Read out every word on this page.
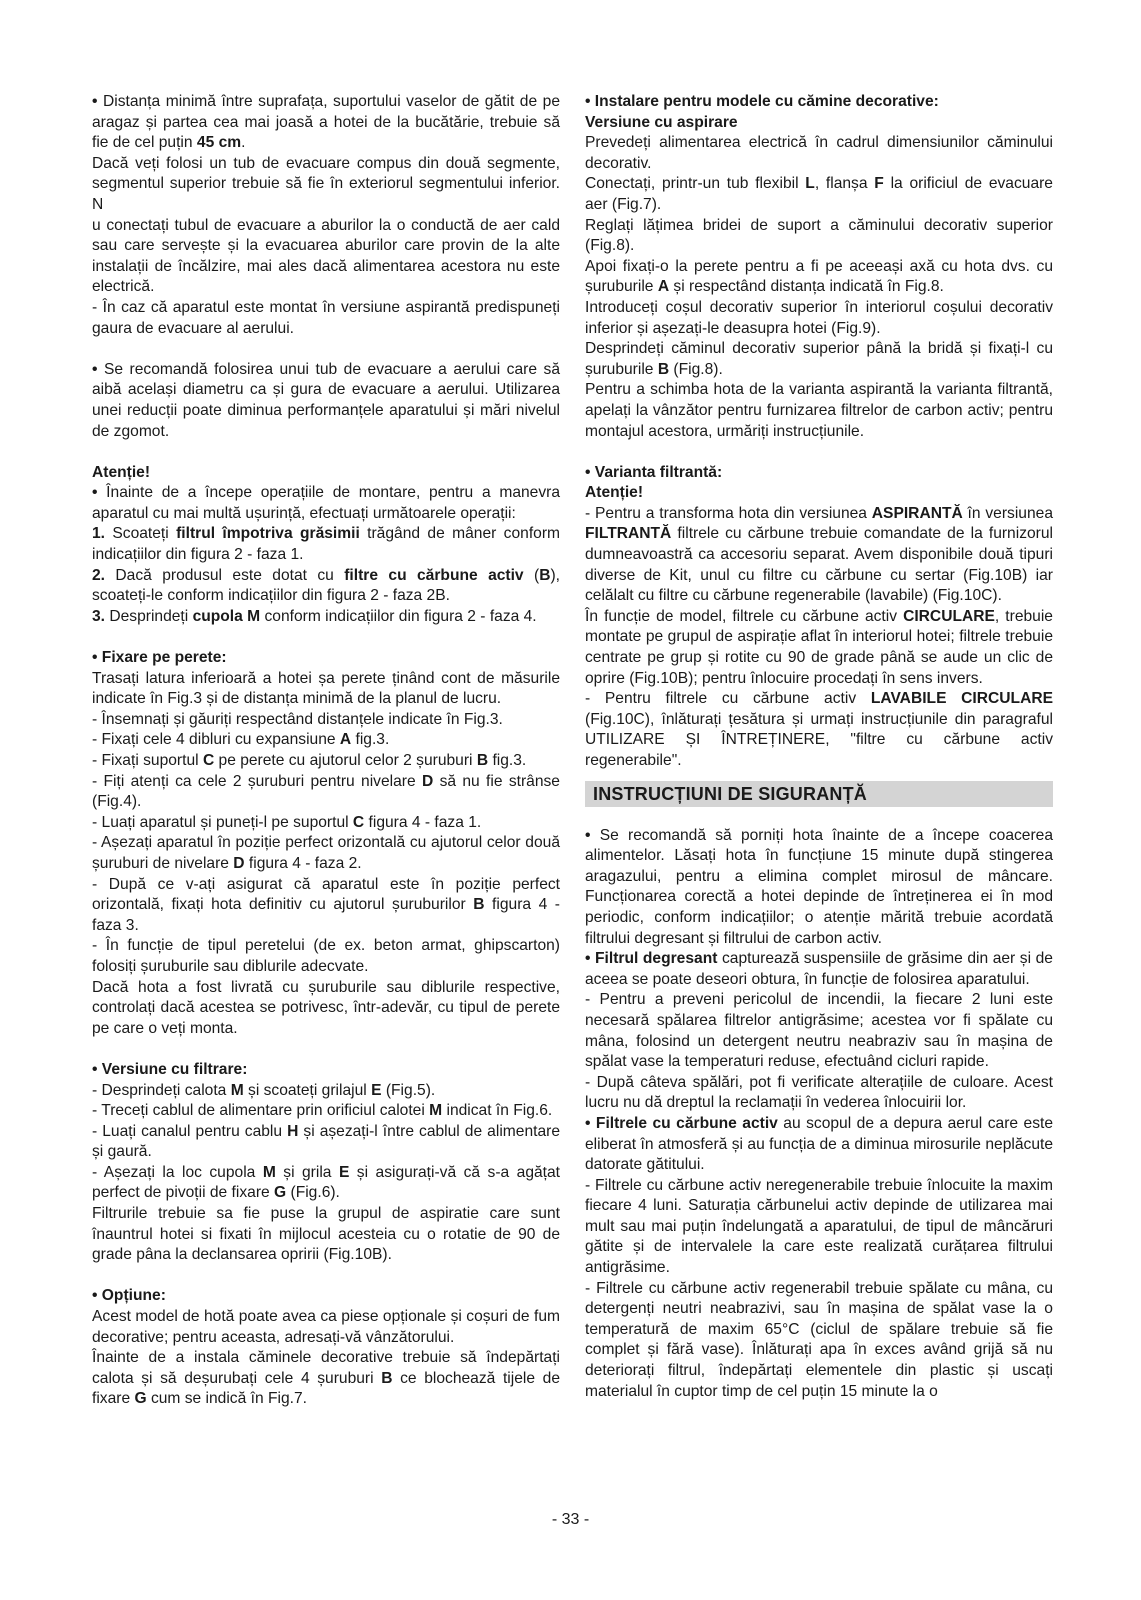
• Distanța minimă între suprafața, suportului vaselor de gătit de pe aragaz și partea cea mai joasă a hotei de la bucătărie, trebuie să fie de cel puțin 45 cm.

Dacă veți folosi un tub de evacuare compus din două segmente, segmentul superior trebuie să fie în exteriorul segmentului inferior. N

u conectați tubul de evacuare a aburilor la o conductă de aer cald sau care servește și la evacuarea aburilor care provin de la alte instalații de încălzire, mai ales dacă alimentarea acestora nu este electrică.

- În caz că aparatul este montat în versiune aspirantă predispuneți gaura de evacuare al aerului.

• Se recomandă folosirea unui tub de evacuare a aerului care să aibă același diametru ca și gura de evacuare a aerului. Utilizarea unei reducții poate diminua performanțele aparatului și mări nivelul de zgomot.

Atenție!

• Înainte de a începe operațiile de montare, pentru a manevra aparatul cu mai multă ușurință, efectuați următoarele operații:

1. Scoateți filtrul împotriva grăsimii trăgând de mâner conform indicațiilor din figura 2 - faza 1.

2. Dacă produsul este dotat cu filtre cu cărbune activ (B), scoateți-le conform indicațiilor din figura 2 - faza 2B.

3. Desprindeți cupola M conform indicațiilor din figura 2 - faza 4.

• Fixare pe perete:

Trasați latura inferioară a hotei șa perete ținând cont de măsurile indicate în Fig.3 și de distanța minimă de la planul de lucru.

- Însemnați și găuriți respectând distanțele indicate în Fig.3.

- Fixați cele 4 dibluri cu expansiune A fig.3.

- Fixați suportul C pe perete cu ajutorul celor 2 șuruburi B fig.3.

- Fiți atenți ca cele 2 șuruburi pentru nivelare D să nu fie strânse (Fig.4).

- Luați aparatul și puneți-l pe suportul C figura 4 - faza 1.

- Așezați aparatul în poziție perfect orizontală cu ajutorul celor două șuruburi de nivelare D figura 4 - faza 2.

- După ce v-ați asigurat că aparatul este în poziție perfect orizontală, fixați hota definitiv cu ajutorul șuruburilor B figura 4 - faza 3.

- În funcție de tipul peretelui (de ex. beton armat, ghipscarton) folosiți șuruburile sau diblurile adecvate.

Dacă hota a fost livrată cu șuruburile sau diblurile respective, controlați dacă acestea se potrivesc, într-adevăr, cu tipul de perete pe care o veți monta.

• Versiune cu filtrare:

- Desprindeți calota M și scoateți grilajul E (Fig.5).

- Treceți cablul de alimentare prin orificiul calotei M indicat în Fig.6.

- Luați canalul pentru cablu H și așezați-l între cablul de alimentare și gaură.

- Așezați la loc cupola M și grila E și asigurați-vă că s-a agățat perfect de pivoții de fixare G (Fig.6).

Filtrurile trebuie sa fie puse la grupul de aspiratie care sunt înauntrul hotei si fixati în mijlocul acesteia cu o rotatie de 90 de grade pâna la declansarea opririi (Fig.10B).

• Opțiune:

Acest model de hotă poate avea ca piese opționale și coșuri de fum decorative; pentru aceasta, adresați-vă vânzătorului.

Înainte de a instala căminele decorative trebuie să îndepărtați calota și să deșurubați cele 4 șuruburi B ce blochează tijele de fixare G cum se indică în Fig.7.

• Instalare pentru modele cu cămine decorative:

Versiune cu aspirare

Prevedeți alimentarea electrică în cadrul dimensiunilor căminului decorativ.

Conectați, printr-un tub flexibil L, flanșa F la orificiul de evacuare aer (Fig.7).

Reglați lățimea bridei de suport a căminului decorativ superior (Fig.8).

Apoi fixați-o la perete pentru a fi pe aceeași axă cu hota dvs. cu șuruburile A și respectând distanța indicată în Fig.8.

Introduceți coșul decorativ superior în interiorul coșului decorativ inferior și așezați-le deasupra hotei (Fig.9).

Desprindeți căminul decorativ superior până la bridă și fixați-l cu șuruburile B (Fig.8).

Pentru a schimba hota de la varianta aspirantă la varianta filtrantă, apelați la vânzător pentru furnizarea filtrelor de carbon activ; pentru montajul acestora, urmăriți instrucțiunile.

• Varianta filtrantă:

Atenție!

- Pentru a transforma hota din versiunea ASPIRANTĂ în versiunea FILTRANTĂ filtrele cu cărbune trebuie comandate de la furnizorul dumneavoastră ca accesoriu separat. Avem disponibile două tipuri diverse de Kit, unul cu filtre cu cărbune cu sertar (Fig.10B) iar celălalt cu filtre cu cărbune regenerabile (lavabile) (Fig.10C).

În funcție de model, filtrele cu cărbune activ CIRCULARE, trebuie montate pe grupul de aspirație aflat în interiorul hotei; filtrele trebuie centrate pe grup și rotite cu 90 de grade până se aude un clic de oprire (Fig.10B); pentru înlocuire procedați în sens invers.

- Pentru filtrele cu cărbune activ LAVABILE CIRCULARE (Fig.10C), înlăturați țesătura și urmați instrucțiunile din paragraful UTILIZARE ȘI ÎNTREȚINERE, "filtre cu cărbune activ regenerabile".

INSTRUCȚIUNI DE SIGURANȚĂ

• Se recomandă să porniți hota înainte de a începe coacerea alimentelor. Lăsați hota în funcțiune 15 minute după stingerea aragazului, pentru a elimina complet mirosul de mâncare. Funcționarea corectă a hotei depinde de întreținerea ei în mod periodic, conform indicațiilor; o atenție mărită trebuie acordată filtrului degresant și filtrului de carbon activ.

• Filtrul degresant capturează suspensiile de grăsime din aer și de aceea se poate deseori obtura, în funcție de folosirea aparatului.

- Pentru a preveni pericolul de incendii, la fiecare 2 luni este necesară spălarea filtrelor antigrăsime; acestea vor fi spălate cu mâna, folosind un detergent neutru neabraziv sau în mașina de spălat vase la temperaturi reduse, efectuând cicluri rapide.

- După câteva spălări, pot fi verificate alterațiile de culoare. Acest lucru nu dă dreptul la reclamații în vederea înlocuirii lor.

• Filtrele cu cărbune activ au scopul de a depura aerul care este eliberat în atmosferă și au funcția de a diminua mirosurile neplăcute datorate gătitului.

- Filtrele cu cărbune activ neregenerabile trebuie înlocuite la maxim fiecare 4 luni. Saturația cărbunelui activ depinde de utilizarea mai mult sau mai puțin îndelungată a aparatului, de tipul de mâncăruri gătite și de intervalele la care este realizată curățarea filtrului antigrăsime.

- Filtrele cu cărbune activ regenerabil trebuie spălate cu mâna, cu detergenți neutri neabrazivi, sau în mașina de spălat vase la o temperatură de maxim 65°C (ciclul de spălare trebuie să fie complet și fără vase). Înlăturați apa în exces având grijă să nu deteriorați filtrul, îndepărtați elementele din plastic și uscați materialul în cuptor timp de cel puțin 15 minute la o

- 33 -
